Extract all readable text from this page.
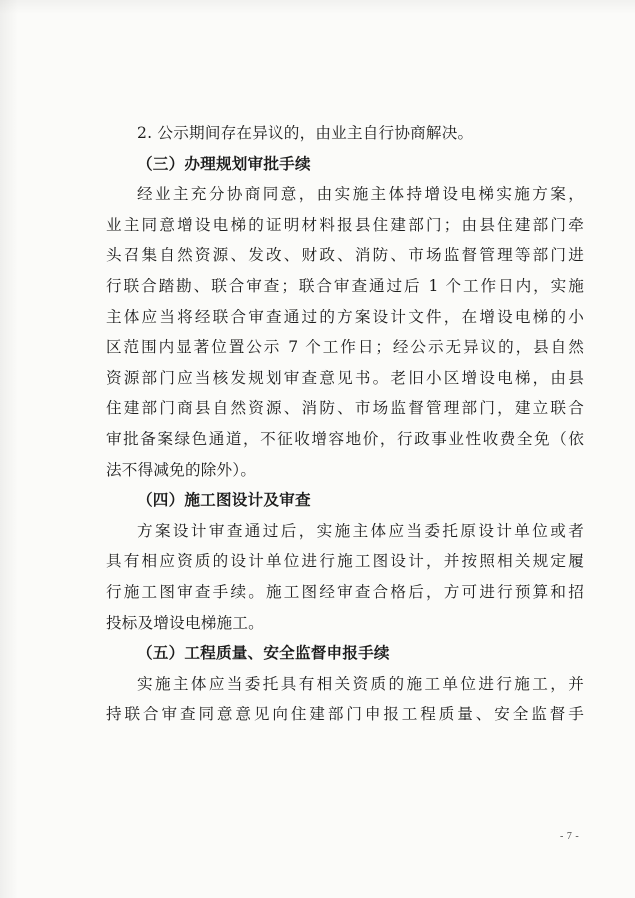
2. 公示期间存在异议的，由业主自行协商解决。

（三）办理规划审批手续

经业主充分协商同意，由实施主体持增设电梯实施方案，

业主同意增设电梯的证明材料报县住建部门；由县住建部门牵

头召集自然资源、发改、财政、消防、市场监督管理等部门进

行联合踏勘、联合审查；联合审查通过后 1 个工作日内，实施

主体应当将经联合审查通过的方案设计文件，在增设电梯的小

区范围内显著位置公示 7 个工作日；经公示无异议的，县自然

资源部门应当核发规划审查意见书。老旧小区增设电梯，由县

住建部门商县自然资源、消防、市场监督管理部门，建立联合

审批备案绿色通道，不征收增容地价，行政事业性收费全免（依

法不得减免的除外）。

（四）施工图设计及审查

方案设计审查通过后，实施主体应当委托原设计单位或者

具有相应资质的设计单位进行施工图设计，并按照相关规定履

行施工图审查手续。施工图经审查合格后，方可进行预算和招

投标及增设电梯施工。

（五）工程质量、安全监督申报手续

实施主体应当委托具有相关资质的施工单位进行施工，并

持联合审查同意意见向住建部门申报工程质量、安全监督手

- 7 -
